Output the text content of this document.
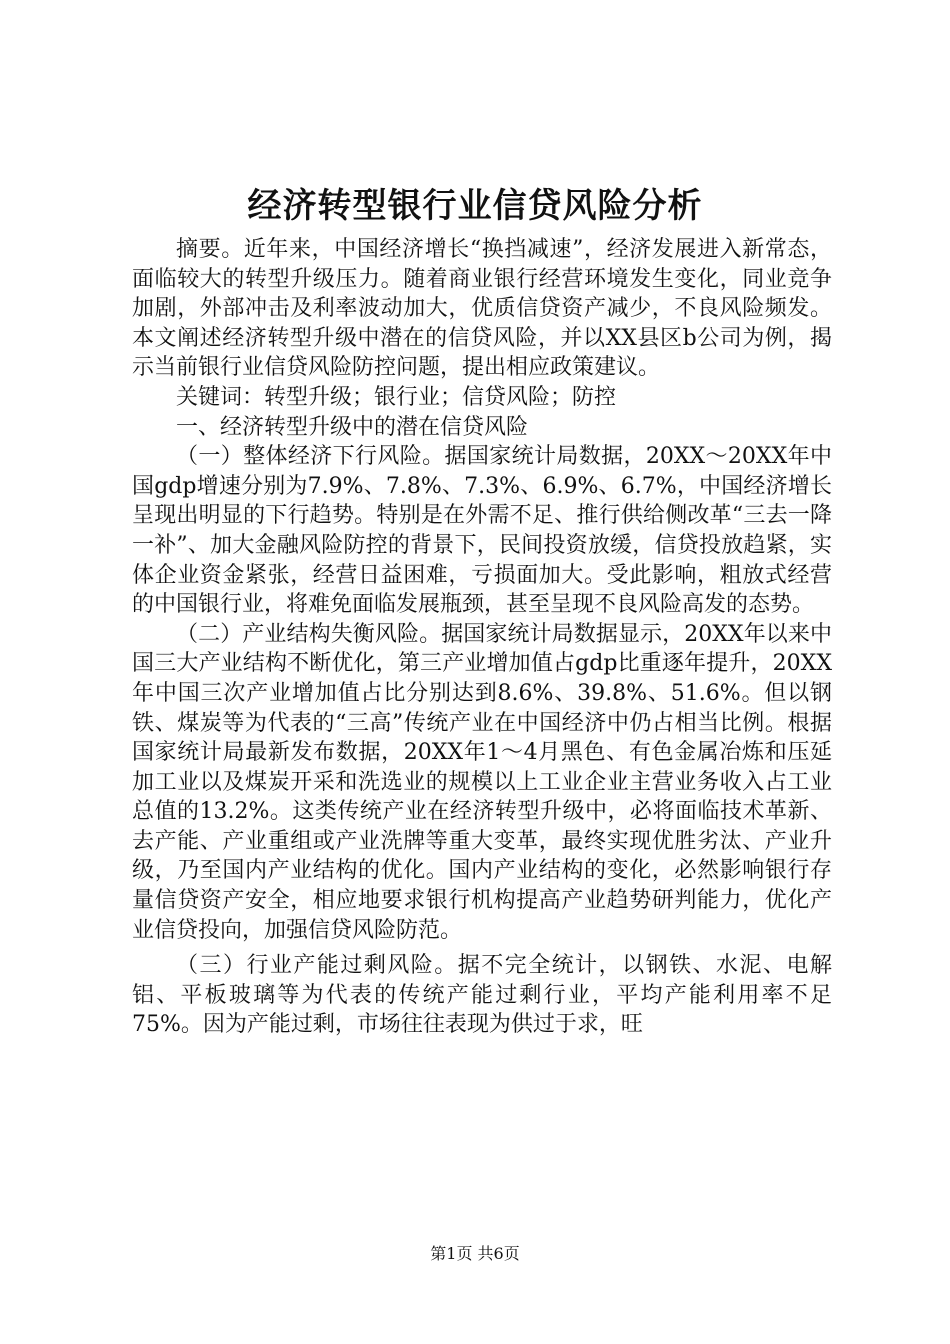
经济转型银行业信贷风险分析

摘要。近年来，中国经济增长“换挡减速”，经济发展进入新常态，面临较大的转型升级压力。随着商业银行经营环境发生变化，同业竞争加剧，外部冲击及利率波动加大，优质信贷资产减少，不良风险频发。本文阐述经济转型升级中潜在的信贷风险，并以XX县区b公司为例，揭示当前银行业信贷风险防控问题，提出相应政策建议。

关键词：转型升级；银行业；信贷风险；防控

一、经济转型升级中的潜在信贷风险

（一）整体经济下行风险。据国家统计局数据，20XX～20XX年中国gdp增速分别为7.9%、7.8%、7.3%、6.9%、6.7%，中国经济增长呈现出明显的下行趋势。特别是在外需不足、推行供给侧改革“三去一降一补”、加大金融风险防控的背景下，民间投资放缓，信贷投放趋紧，实体企业资金紧张，经营日益困难，亏损面加大。受此影响，粗放式经营的中国银行业，将难免面临发展瓶颈，甚至呈现不良风险高发的态势。

（二）产业结构失衡风险。据国家统计局数据显示，20XX年以来中国三大产业结构不断优化，第三产业增加值占gdp比重逐年提升，20XX年中国三次产业增加值占比分别达到8.6%、39.8%、51.6%。但以钢铁、煤炭等为代表的“三高”传统产业在中国经济中仍占相当比例。根据国家统计局最新发布数据，20XX年1～4月黑色、有色金属冶炼和压延加工业以及煤炭开采和洗选业的规模以上工业企业主营业务收入占工业总值的13.2%。这类传统产业在经济转型升级中，必将面临技术革新、去产能、产业重组或产业洗牌等重大变革，最终实现优胜劣汰、产业升级，乃至国内产业结构的优化。国内产业结构的变化，必然影响银行存量信贷资产安全，相应地要求银行机构提高产业趋势研判能力，优化产业信贷投向，加强信贷风险防范。

（三）行业产能过剩风险。据不完全统计，以钢铁、水泥、电解铝、平板玻璃等为代表的传统产能过剩行业，平均产能利用率不足75%。因为产能过剩，市场往往表现为供过于求，旺

第1页 共6页
